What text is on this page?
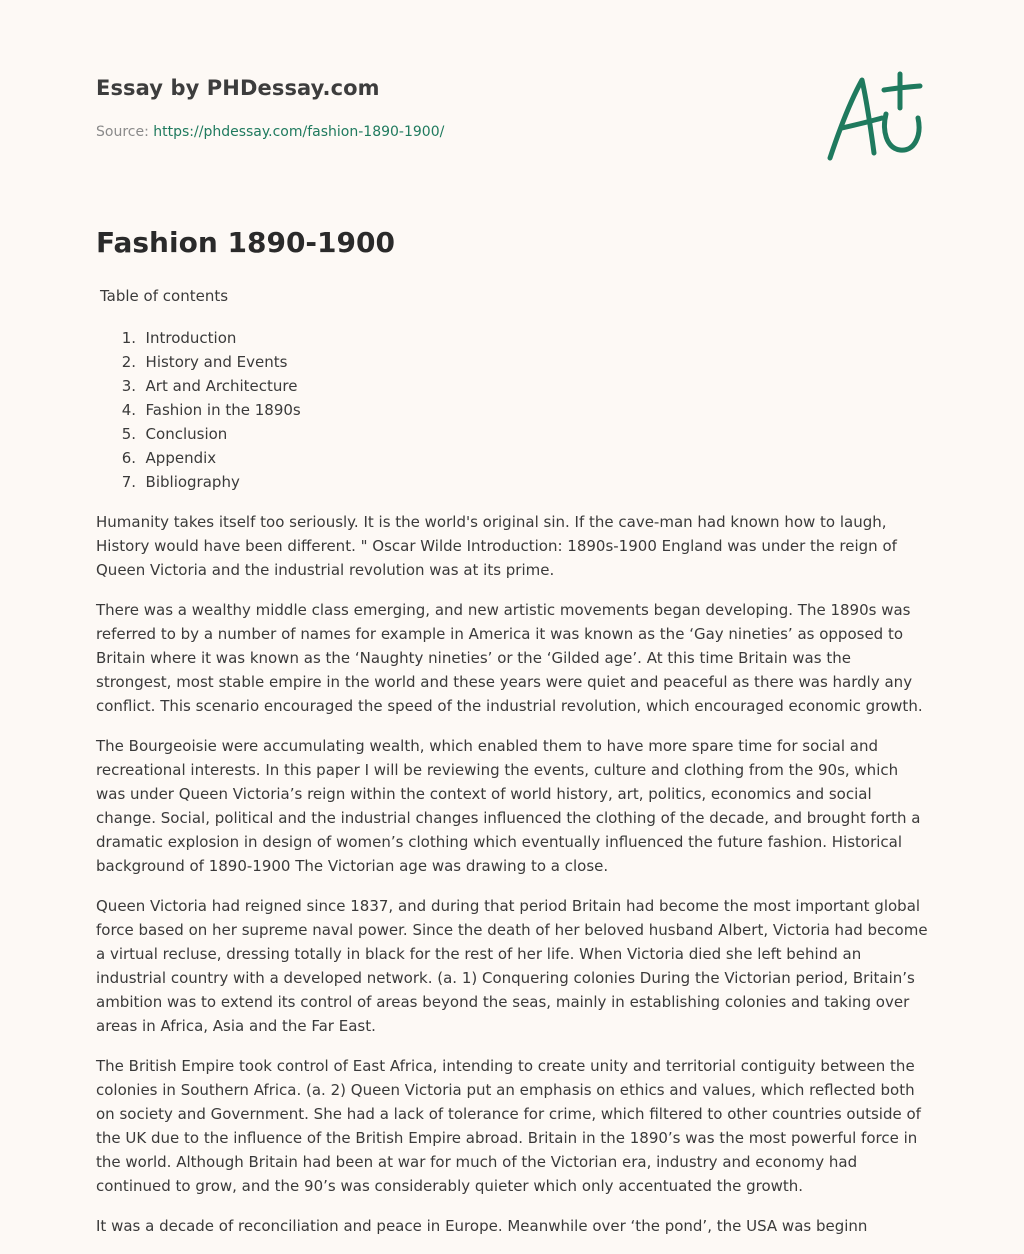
Essay by PHDessay.com
Source: https://phdessay.com/fashion-1890-1900/
Fashion 1890-1900
Table of contents
1. Introduction
2. History and Events
3. Art and Architecture
4. Fashion in the 1890s
5. Conclusion
6. Appendix
7. Bibliography

Humanity takes itself too seriously. It is the world's original sin. If the cave-man had known how to laugh, History would have been different. " Oscar Wilde Introduction: 1890s-1900 England was under the reign of Queen Victoria and the industrial revolution was at its prime.

There was a wealthy middle class emerging, and new artistic movements began developing. The 1890s was referred to by a number of names for example in America it was known as the ‘Gay nineties’ as opposed to Britain where it was known as the ‘Naughty nineties’ or the ‘Gilded age’. At this time Britain was the strongest, most stable empire in the world and these years were quiet and peaceful as there was hardly any conflict. This scenario encouraged the speed of the industrial revolution, which encouraged economic growth.

The Bourgeoisie were accumulating wealth, which enabled them to have more spare time for social and recreational interests. In this paper I will be reviewing the events, culture and clothing from the 90s, which was under Queen Victoria’s reign within the context of world history, art, politics, economics and social change. Social, political and the industrial changes influenced the clothing of the decade, and brought forth a dramatic explosion in design of women’s clothing which eventually influenced the future fashion. Historical background of 1890-1900 The Victorian age was drawing to a close.

Queen Victoria had reigned since 1837, and during that period Britain had become the most important global force based on her supreme naval power. Since the death of her beloved husband Albert, Victoria had become a virtual recluse, dressing totally in black for the rest of her life. When Victoria died she left behind an industrial country with a developed network. (a. 1) Conquering colonies During the Victorian period, Britain’s ambition was to extend its control of areas beyond the seas, mainly in establishing colonies and taking over areas in Africa, Asia and the Far East.

The British Empire took control of East Africa, intending to create unity and territorial contiguity between the colonies in Southern Africa. (a. 2) Queen Victoria put an emphasis on ethics and values, which reflected both on society and Government. She had a lack of tolerance for crime, which filtered to other countries outside of the UK due to the influence of the British Empire abroad. Britain in the 1890’s was the most powerful force in the world. Although Britain had been at war for much of the Victorian era, industry and economy had continued to grow, and the 90’s was considerably quieter which only accentuated the growth.

It was a decade of reconciliation and peace in Europe. Meanwhile over ‘the pond’, the USA was beginn
